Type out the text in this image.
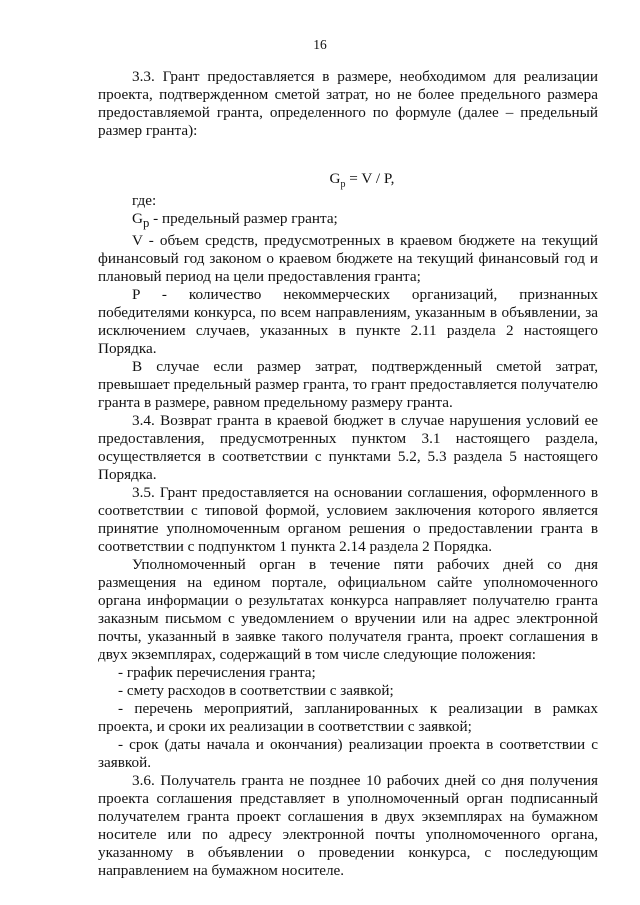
16

3.3. Грант предоставляется в размере, необходимом для реализации проекта, подтвержденном сметой затрат, но не более предельного размера предоставляемой гранта, определенного по формуле (далее – предельный размер гранта):

$G_p = V / P$,

где:

$G_p$ - предельный размер гранта;

V - объем средств, предусмотренных в краевом бюджете на текущий финансовый год законом о краевом бюджете на текущий финансовый год и плановый период на цели предоставления гранта;

P - количество некоммерческих организаций, признанных победителями конкурса, по всем направлениям, указанным в объявлении, за исключением случаев, указанных в пункте 2.11 раздела 2 настоящего Порядка.

В случае если размер затрат, подтвержденный сметой затрат, превышает предельный размер гранта, то грант предоставляется получателю гранта в размере, равном предельному размеру гранта.

3.4. Возврат гранта в краевой бюджет в случае нарушения условий ее предоставления, предусмотренных пунктом 3.1 настоящего раздела, осуществляется в соответствии с пунктами 5.2, 5.3 раздела 5 настоящего Порядка.

3.5. Грант предоставляется на основании соглашения, оформленного в соответствии с типовой формой, условием заключения которого является принятие уполномоченным органом решения о предоставлении гранта в соответствии с подпунктом 1 пункта 2.14 раздела 2 Порядка.

Уполномоченный орган в течение пяти рабочих дней со дня размещения на едином портале, официальном сайте уполномоченного органа информации о результатах конкурса направляет получателю гранта заказным письмом с уведомлением о вручении или на адрес электронной почты, указанный в заявке такого получателя гранта, проект соглашения в двух экземплярах, содержащий в том числе следующие положения:

- график перечисления гранта;

- смету расходов в соответствии с заявкой;

- перечень мероприятий, запланированных к реализации в рамках проекта, и сроки их реализации в соответствии с заявкой;

- срок (даты начала и окончания) реализации проекта в соответствии с заявкой.

3.6. Получатель гранта не позднее 10 рабочих дней со дня получения проекта соглашения представляет в уполномоченный орган подписанный получателем гранта проект соглашения в двух экземплярах на бумажном носителе или по адресу электронной почты уполномоченного органа, указанному в объявлении о проведении конкурса, с последующим направлением на бумажном носителе.
